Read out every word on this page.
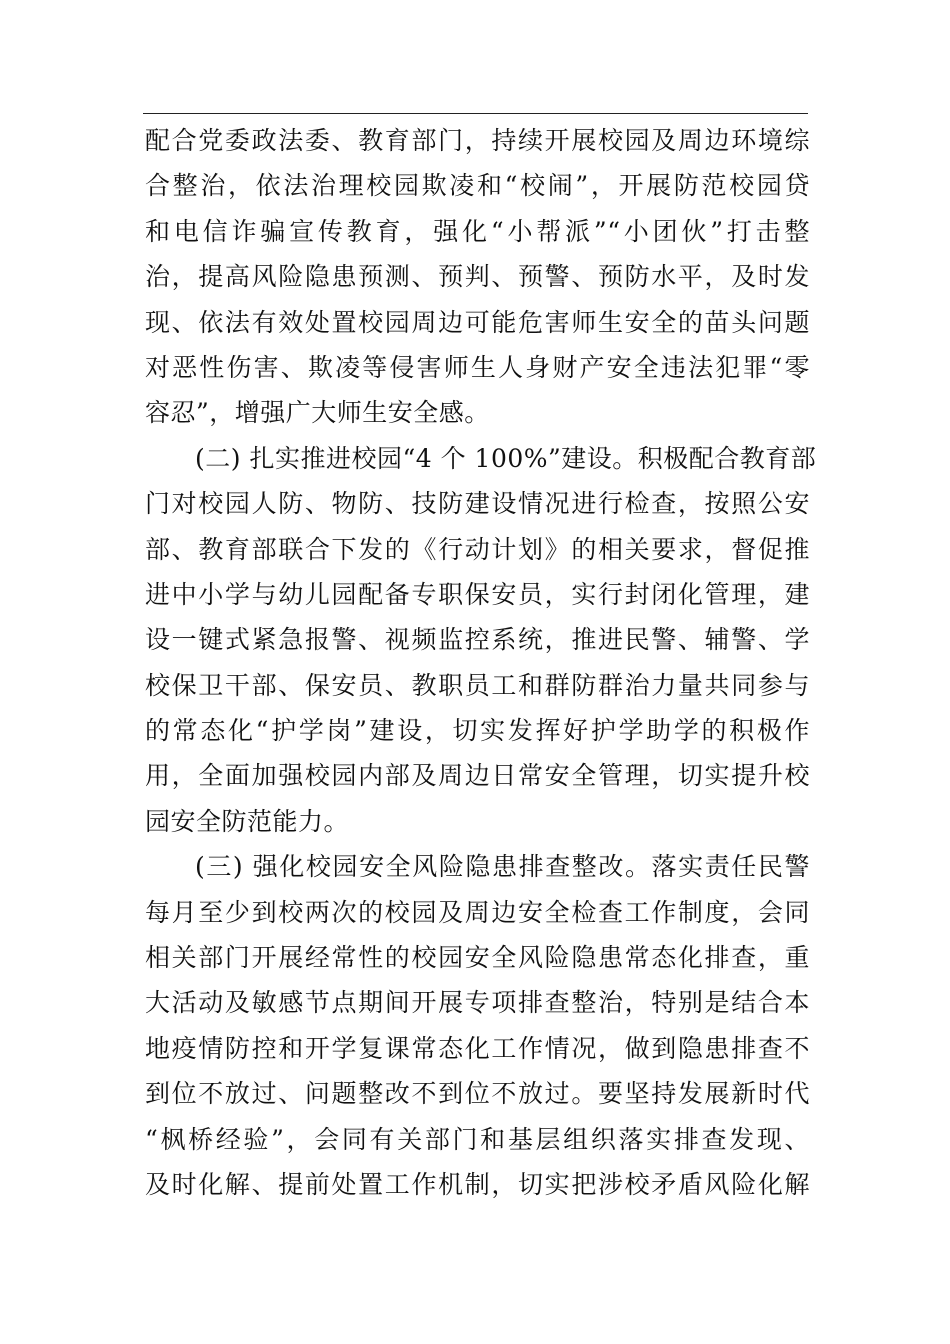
配合党委政法委、教育部门，持续开展校园及周边环境综
合整治，依法治理校园欺凌和“校闹”，开展防范校园贷
和电信诈骗宣传教育，强化“小帮派”“小团伙”打击整
治，提高风险隐患预测、预判、预警、预防水平，及时发
现、依法有效处置校园周边可能危害师生安全的苗头问题
对恶性伤害、欺凌等侵害师生人身财产安全违法犯罪“零
容忍”，增强广大师生安全感。
(二) 扎实推进校园“4 个 100%”建设。积极配合教育部
门对校园人防、物防、技防建设情况进行检查，按照公安
部、教育部联合下发的《行动计划》的相关要求，督促推
进中小学与幼儿园配备专职保安员，实行封闭化管理，建
设一键式紧急报警、视频监控系统，推进民警、辅警、学
校保卫干部、保安员、教职员工和群防群治力量共同参与
的常态化“护学岗”建设，切实发挥好护学助学的积极作
用，全面加强校园内部及周边日常安全管理，切实提升校
园安全防范能力。
(三) 强化校园安全风险隐患排查整改。落实责任民警
每月至少到校两次的校园及周边安全检查工作制度，会同
相关部门开展经常性的校园安全风险隐患常态化排查，重
大活动及敏感节点期间开展专项排查整治，特别是结合本
地疫情防控和开学复课常态化工作情况，做到隐患排查不
到位不放过、问题整改不到位不放过。要坚持发展新时代
“枫桥经验”，会同有关部门和基层组织落实排查发现、
及时化解、提前处置工作机制，切实把涉校矛盾风险化解
